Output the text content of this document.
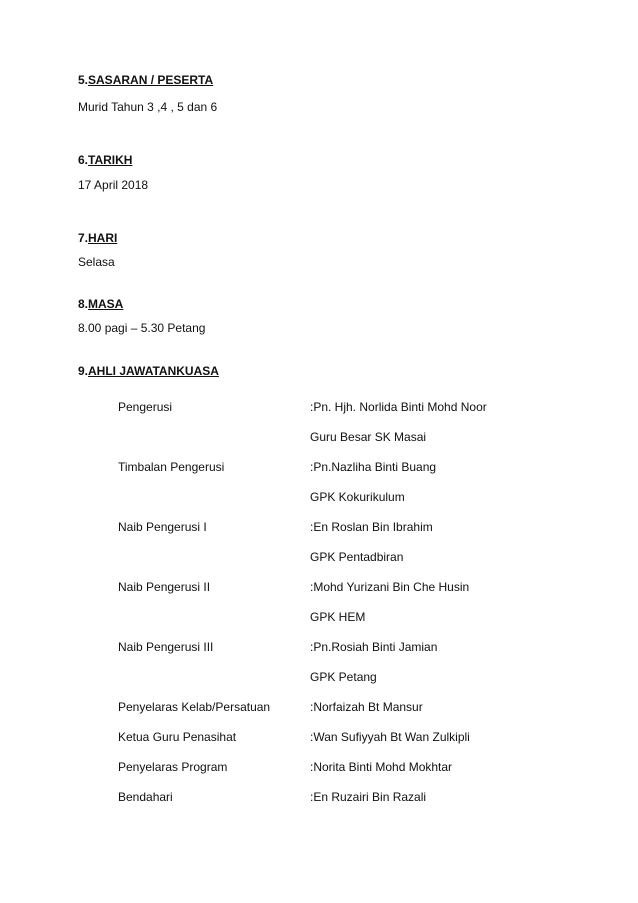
5.SASARAN / PESERTA
Murid Tahun 3 ,4 , 5 dan 6
6.TARIKH
17 April 2018
7.HARI
Selasa
8.MASA
8.00 pagi – 5.30 Petang
9.AHLI JAWATANKUASA
Pengerusi	:Pn. Hjh. Norlida Binti Mohd Noor
Guru Besar SK Masai
Timbalan Pengerusi	:Pn.Nazliha Binti Buang
GPK Kokurikulum
Naib Pengerusi I	:En Roslan Bin Ibrahim
GPK Pentadbiran
Naib Pengerusi II	:Mohd Yurizani Bin Che Husin
GPK HEM
Naib Pengerusi III	:Pn.Rosiah Binti Jamian
GPK Petang
Penyelaras Kelab/Persatuan	:Norfaizah Bt Mansur
Ketua Guru Penasihat	:Wan Sufiyyah Bt Wan Zulkipli
Penyelaras Program	:Norita Binti Mohd Mokhtar
Bendahari	:En Ruzairi Bin Razali
